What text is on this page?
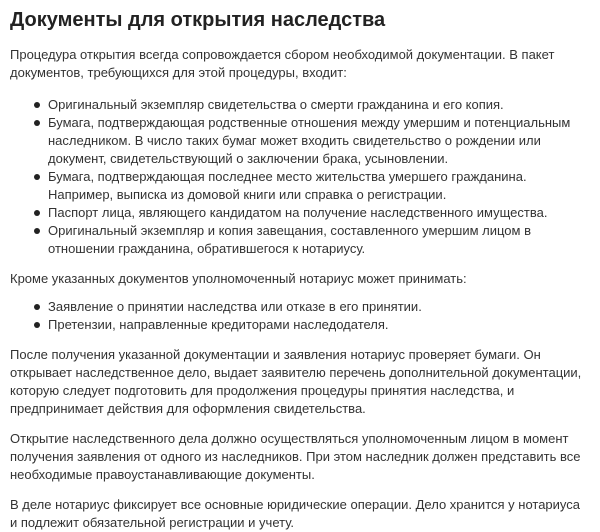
Документы для открытия наследства

Процедура открытия всегда сопровождается сбором необходимой документации. В пакет документов, требующихся для этой процедуры, входит:

Оригинальный экземпляр свидетельства о смерти гражданина и его копия.
Бумага, подтверждающая родственные отношения между умершим и потенциальным наследником. В число таких бумаг может входить свидетельство о рождении или документ, свидетельствующий о заключении брака, усыновлении.
Бумага, подтверждающая последнее место жительства умершего гражданина. Например, выписка из домовой книги или справка о регистрации.
Паспорт лица, являющего кандидатом на получение наследственного имущества.
Оригинальный экземпляр и копия завещания, составленного умершим лицом в отношении гражданина, обратившегося к нотариусу.

Кроме указанных документов уполномоченный нотариус может принимать:

Заявление о принятии наследства или отказе в его принятии.
Претензии, направленные кредиторами наследодателя.

После получения указанной документации и заявления нотариус проверяет бумаги. Он открывает наследственное дело, выдает заявителю перечень дополнительной документации, которую следует подготовить для продолжения процедуры принятия наследства, и предпринимает действия для оформления свидетельства.

Открытие наследственного дела должно осуществляться уполномоченным лицом в момент получения заявления от одного из наследников. При этом наследник должен представить все необходимые правоустанавливающие документы.

В деле нотариус фиксирует все основные юридические операции. Дело хранится у нотариуса и подлежит обязательной регистрации и учету.
